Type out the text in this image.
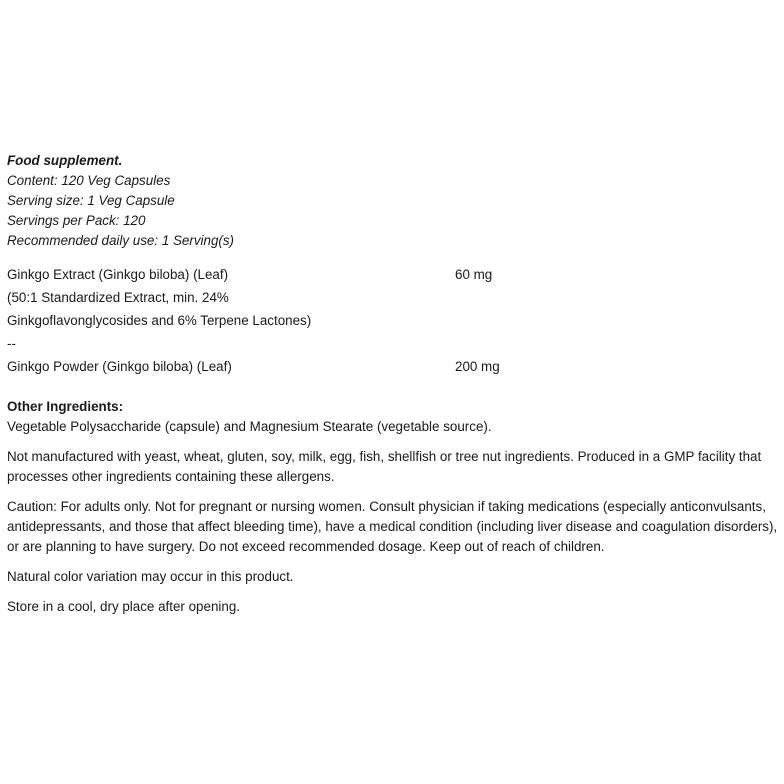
Food supplement.
Content: 120 Veg Capsules
Serving size: 1 Veg Capsule
Servings per Pack: 120
Recommended daily use: 1 Serving(s)
Ginkgo Extract (Ginkgo biloba) (Leaf)	60 mg
(50:1 Standardized Extract, min. 24%	
Ginkgoflavonglycosides and 6% Terpene Lactones)	
--	
Ginkgo Powder (Ginkgo biloba) (Leaf)	200 mg
Other Ingredients:
Vegetable Polysaccharide (capsule) and Magnesium Stearate (vegetable source).
Not manufactured with yeast, wheat, gluten, soy, milk, egg, fish, shellfish or tree nut ingredients. Produced in a GMP facility that processes other ingredients containing these allergens.
Caution: For adults only. Not for pregnant or nursing women. Consult physician if taking medications (especially anticonvulsants, antidepressants, and those that affect bleeding time), have a medical condition (including liver disease and coagulation disorders), or are planning to have surgery. Do not exceed recommended dosage. Keep out of reach of children.
Natural color variation may occur in this product.
Store in a cool, dry place after opening.
